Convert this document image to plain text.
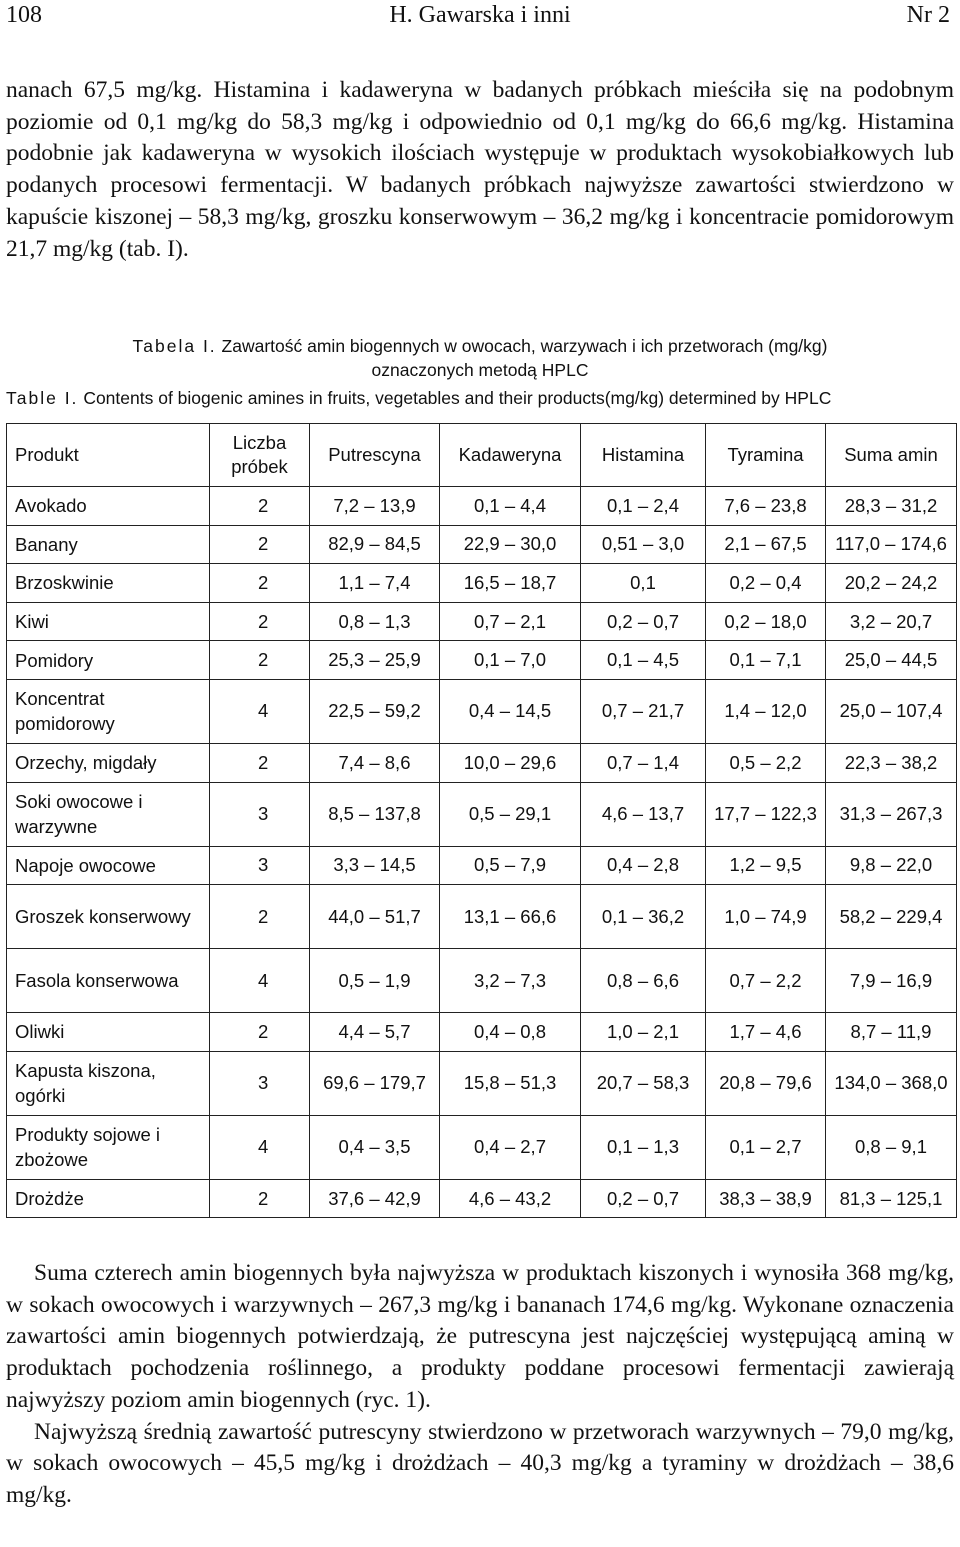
108	H. Gawarska i inni	Nr 2

nanach 67,5 mg/kg. Histamina i kadaweryna w badanych próbkach mieściła się na podobnym poziomie od 0,1 mg/kg do 58,3 mg/kg i odpowiednio od 0,1 mg/kg do 66,6 mg/kg. Histamina podobnie jak kadaweryna w wysokich ilościach występuje w produktach wysokobiałkowych lub podanych procesowi fermentacji. W badanych próbkach najwyższe zawartości stwierdzono w kapuście kiszonej – 58,3 mg/kg, groszku konserwowym – 36,2 mg/kg i koncentracie pomidorowym 21,7 mg/kg (tab. I).

Tabela I. Zawartość amin biogennych w owocach, warzywach i ich przetworach (mg/kg)
oznaczonych metodą HPLC
Table I. Contents of biogenic amines in fruits, vegetables and their products(mg/kg) determined by HPLC
Produkt	Liczba próbek	Putrescyna	Kadaweryna	Histamina	Tyramina	Suma amin
Avokado	2	7,2 – 13,9	0,1 – 4,4	0,1 – 2,4	7,6 – 23,8	28,3 – 31,2
Banany	2	82,9 – 84,5	22,9 – 30,0	0,51 – 3,0	2,1 – 67,5	117,0 – 174,6
Brzoskwinie	2	1,1 – 7,4	16,5 – 18,7	0,1	0,2 – 0,4	20,2 – 24,2
Kiwi	2	0,8 – 1,3	0,7 – 2,1	0,2 – 0,7	0,2 – 18,0	3,2 – 20,7
Pomidory	2	25,3 – 25,9	0,1 – 7,0	0,1 – 4,5	0,1 – 7,1	25,0 – 44,5
Koncentrat pomidorowy	4	22,5 – 59,2	0,4 – 14,5	0,7 – 21,7	1,4 – 12,0	25,0 – 107,4
Orzechy, migdały	2	7,4 – 8,6	10,0 – 29,6	0,7 – 1,4	0,5 – 2,2	22,3 – 38,2
Soki owocowe i warzywne	3	8,5 – 137,8	0,5 – 29,1	4,6 – 13,7	17,7 – 122,3	31,3 – 267,3
Napoje owocowe	3	3,3 – 14,5	0,5 – 7,9	0,4 – 2,8	1,2 – 9,5	9,8 – 22,0
Groszek konserwowy	2	44,0 – 51,7	13,1 – 66,6	0,1 – 36,2	1,0 – 74,9	58,2 – 229,4
Fasola konserwowa	4	0,5 – 1,9	3,2 – 7,3	0,8 – 6,6	0,7 – 2,2	7,9 – 16,9
Oliwki	2	4,4 – 5,7	0,4 – 0,8	1,0 – 2,1	1,7 – 4,6	8,7 – 11,9
Kapusta kiszona, ogórki	3	69,6 – 179,7	15,8 – 51,3	20,7 – 58,3	20,8 – 79,6	134,0 – 368,0
Produkty sojowe i zbożowe	4	0,4 – 3,5	0,4 – 2,7	0,1 – 1,3	0,1 – 2,7	0,8 – 9,1
Drożdże	2	37,6 – 42,9	4,6 – 43,2	0,2 – 0,7	38,3 – 38,9	81,3 – 125,1

Suma czterech amin biogennych była najwyższa w produktach kiszonych i wynosiła 368 mg/kg, w sokach owocowych i warzywnych – 267,3 mg/kg i bananach 174,6 mg/kg. Wykonane oznaczenia zawartości amin biogennych potwierdzają, że putrescyna jest najczęściej występującą aminą w produktach pochodzenia roślinnego, a produkty poddane procesowi fermentacji zawierają najwyższy poziom amin biogennych (ryc. 1).

Najwyższą średnią zawartość putrescyny stwierdzono w przetworach warzywnych – 79,0 mg/kg, w sokach owocowych – 45,5 mg/kg i drożdżach – 40,3 mg/kg a tyraminy w drożdżach – 38,6 mg/kg.
